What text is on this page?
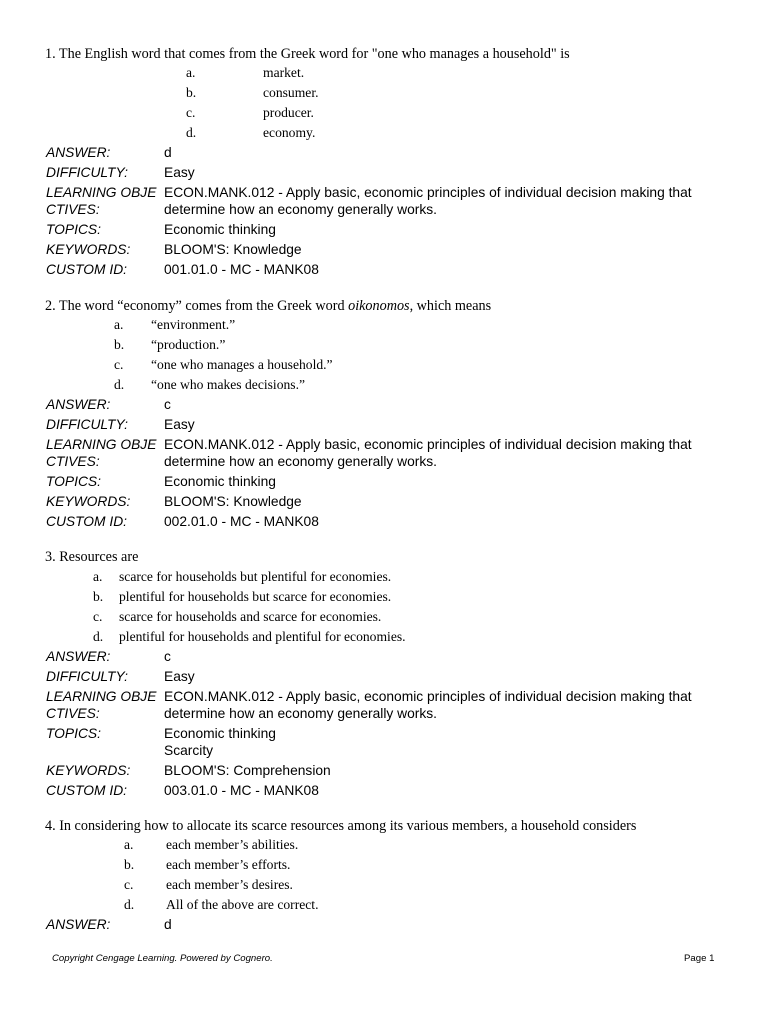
1. The English word that comes from the Greek word for "one who manages a household" is
a.	market.
b.	consumer.
c.	producer.
d.	economy.
ANSWER:	d
DIFFICULTY:	Easy
LEARNING OBJE
CTIVES:
ECON.MANK.012 - Apply basic, economic principles of individual decision making that
determine how an economy generally works.
TOPICS:	Economic thinking
KEYWORDS: BLOOM'S: Knowledge
CUSTOM ID:	001.01.0 - MC - MANK08
2. The word “economy” comes from the Greek word oikonomos, which means
a. “environment.”
b. “production.”
c. “one who manages a household.”
d. “one who makes decisions.”
ANSWER:	c
DIFFICULTY:	Easy
LEARNING OBJE
CTIVES:
ECON.MANK.012 - Apply basic, economic principles of individual decision making that
determine how an economy generally works.
TOPICS:	Economic thinking
KEYWORDS: BLOOM'S: Knowledge
CUSTOM ID:	002.01.0 - MC - MANK08
3. Resources are
a. scarce for households but plentiful for economies.
b. plentiful for households but scarce for economies.
c. scarce for households and scarce for economies.
d. plentiful for households and plentiful for economies.
ANSWER:	c
DIFFICULTY:	Easy
LEARNING OBJE
CTIVES:
ECON.MANK.012 - Apply basic, economic principles of individual decision making that
determine how an economy generally works.
TOPICS:	Economic thinking
Scarcity
KEYWORDS: BLOOM'S: Comprehension
CUSTOM ID:	003.01.0 - MC - MANK08
4. In considering how to allocate its scarce resources among its various members, a household considers
a. each member’s abilities.
b. each member’s efforts.
c. each member’s desires.
d. All of the above are correct.
ANSWER:	d
Copyright Cengage Learning. Powered by Cognero.	Page 1
